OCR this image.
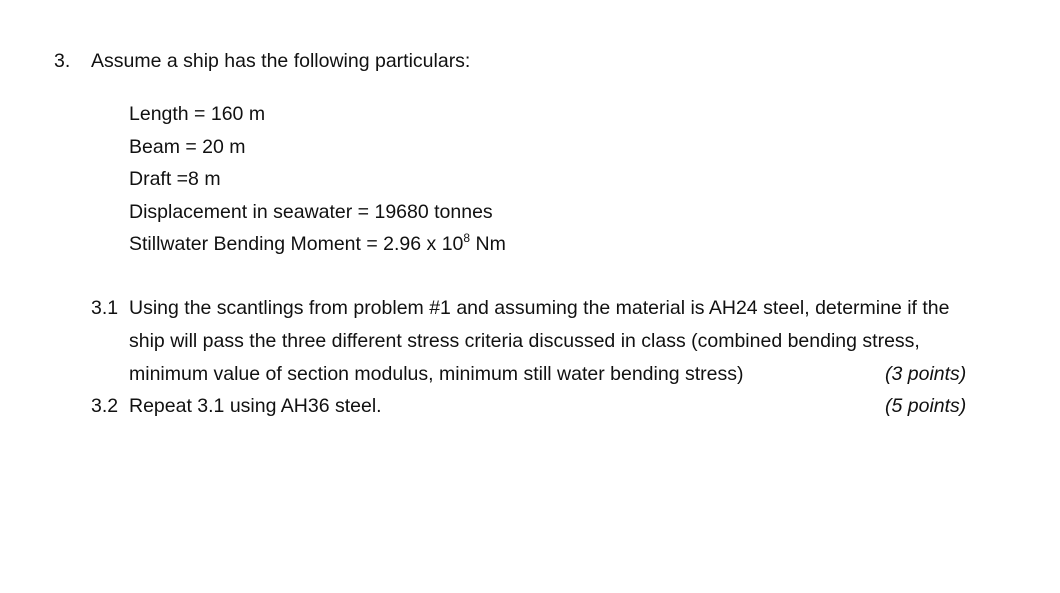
3. Assume a ship has the following particulars:
Length = 160 m
Beam = 20 m
Draft =8 m
Displacement in seawater = 19680 tonnes
Stillwater Bending Moment = 2.96 x $10^8$ Nm
3.1 Using the scantlings from problem #1 and assuming the material is AH24 steel, determine if the
ship will pass the three different stress criteria discussed in class (combined bending stress,
minimum value of section modulus, minimum still water bending stress)	(3 points)
3.2 Repeat 3.1 using AH36 steel.	(5 points)
